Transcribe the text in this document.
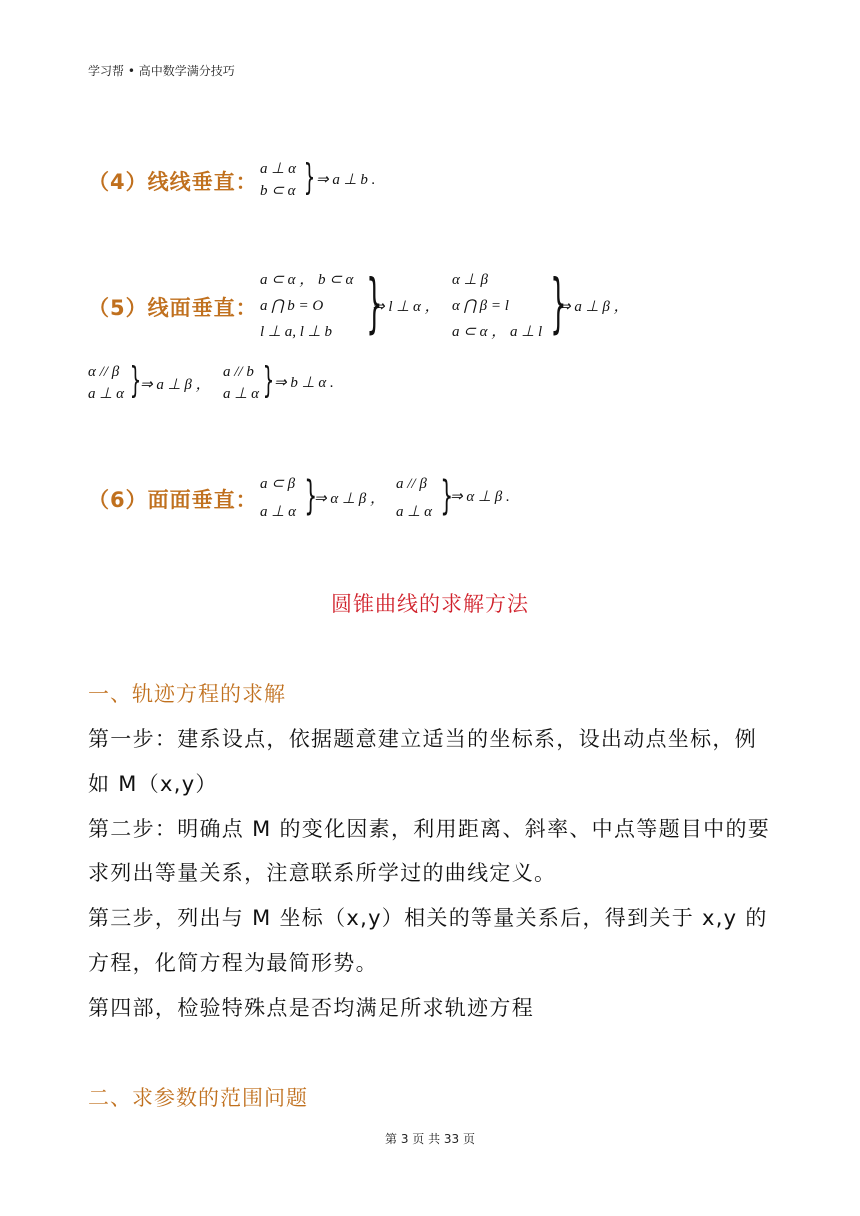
学习帮 • 高中数学满分技巧
（4）线线垂直：
a ⊥ α
b ⊂ α } ⇒ a ⊥ b .
（5）线面垂直：
a ⊂ α ， b ⊂ α
a ⋂ b = O
l ⊥ a, l ⊥ b }
⇒ l ⊥ α ，
α ⊥ β
α ⋂ β = l
a ⊂ α ， a ⊥ l }
⇒ a ⊥ β ，
α // β
a ⊥ α }
⇒ a ⊥ β ，
a // b
a ⊥ α } ⇒ b ⊥ α .
（6）面面垂直：
a ⊂ β
a ⊥ α }
⇒ α ⊥ β ，
a // β
a ⊥ α }
⇒ α ⊥ β .
圆锥曲线的求解方法
一、轨迹方程的求解
第一步：建系设点，依据题意建立适当的坐标系，设出动点坐标，例
如 M（x,y）
第二步：明确点 M 的变化因素，利用距离、斜率、中点等题目中的要
求列出等量关系，注意联系所学过的曲线定义。
第三步，列出与 M 坐标（x,y）相关的等量关系后，得到关于 x,y 的
方程，化简方程为最简形势。
第四部，检验特殊点是否均满足所求轨迹方程
二、求参数的范围问题
第 3 页 共 33 页
